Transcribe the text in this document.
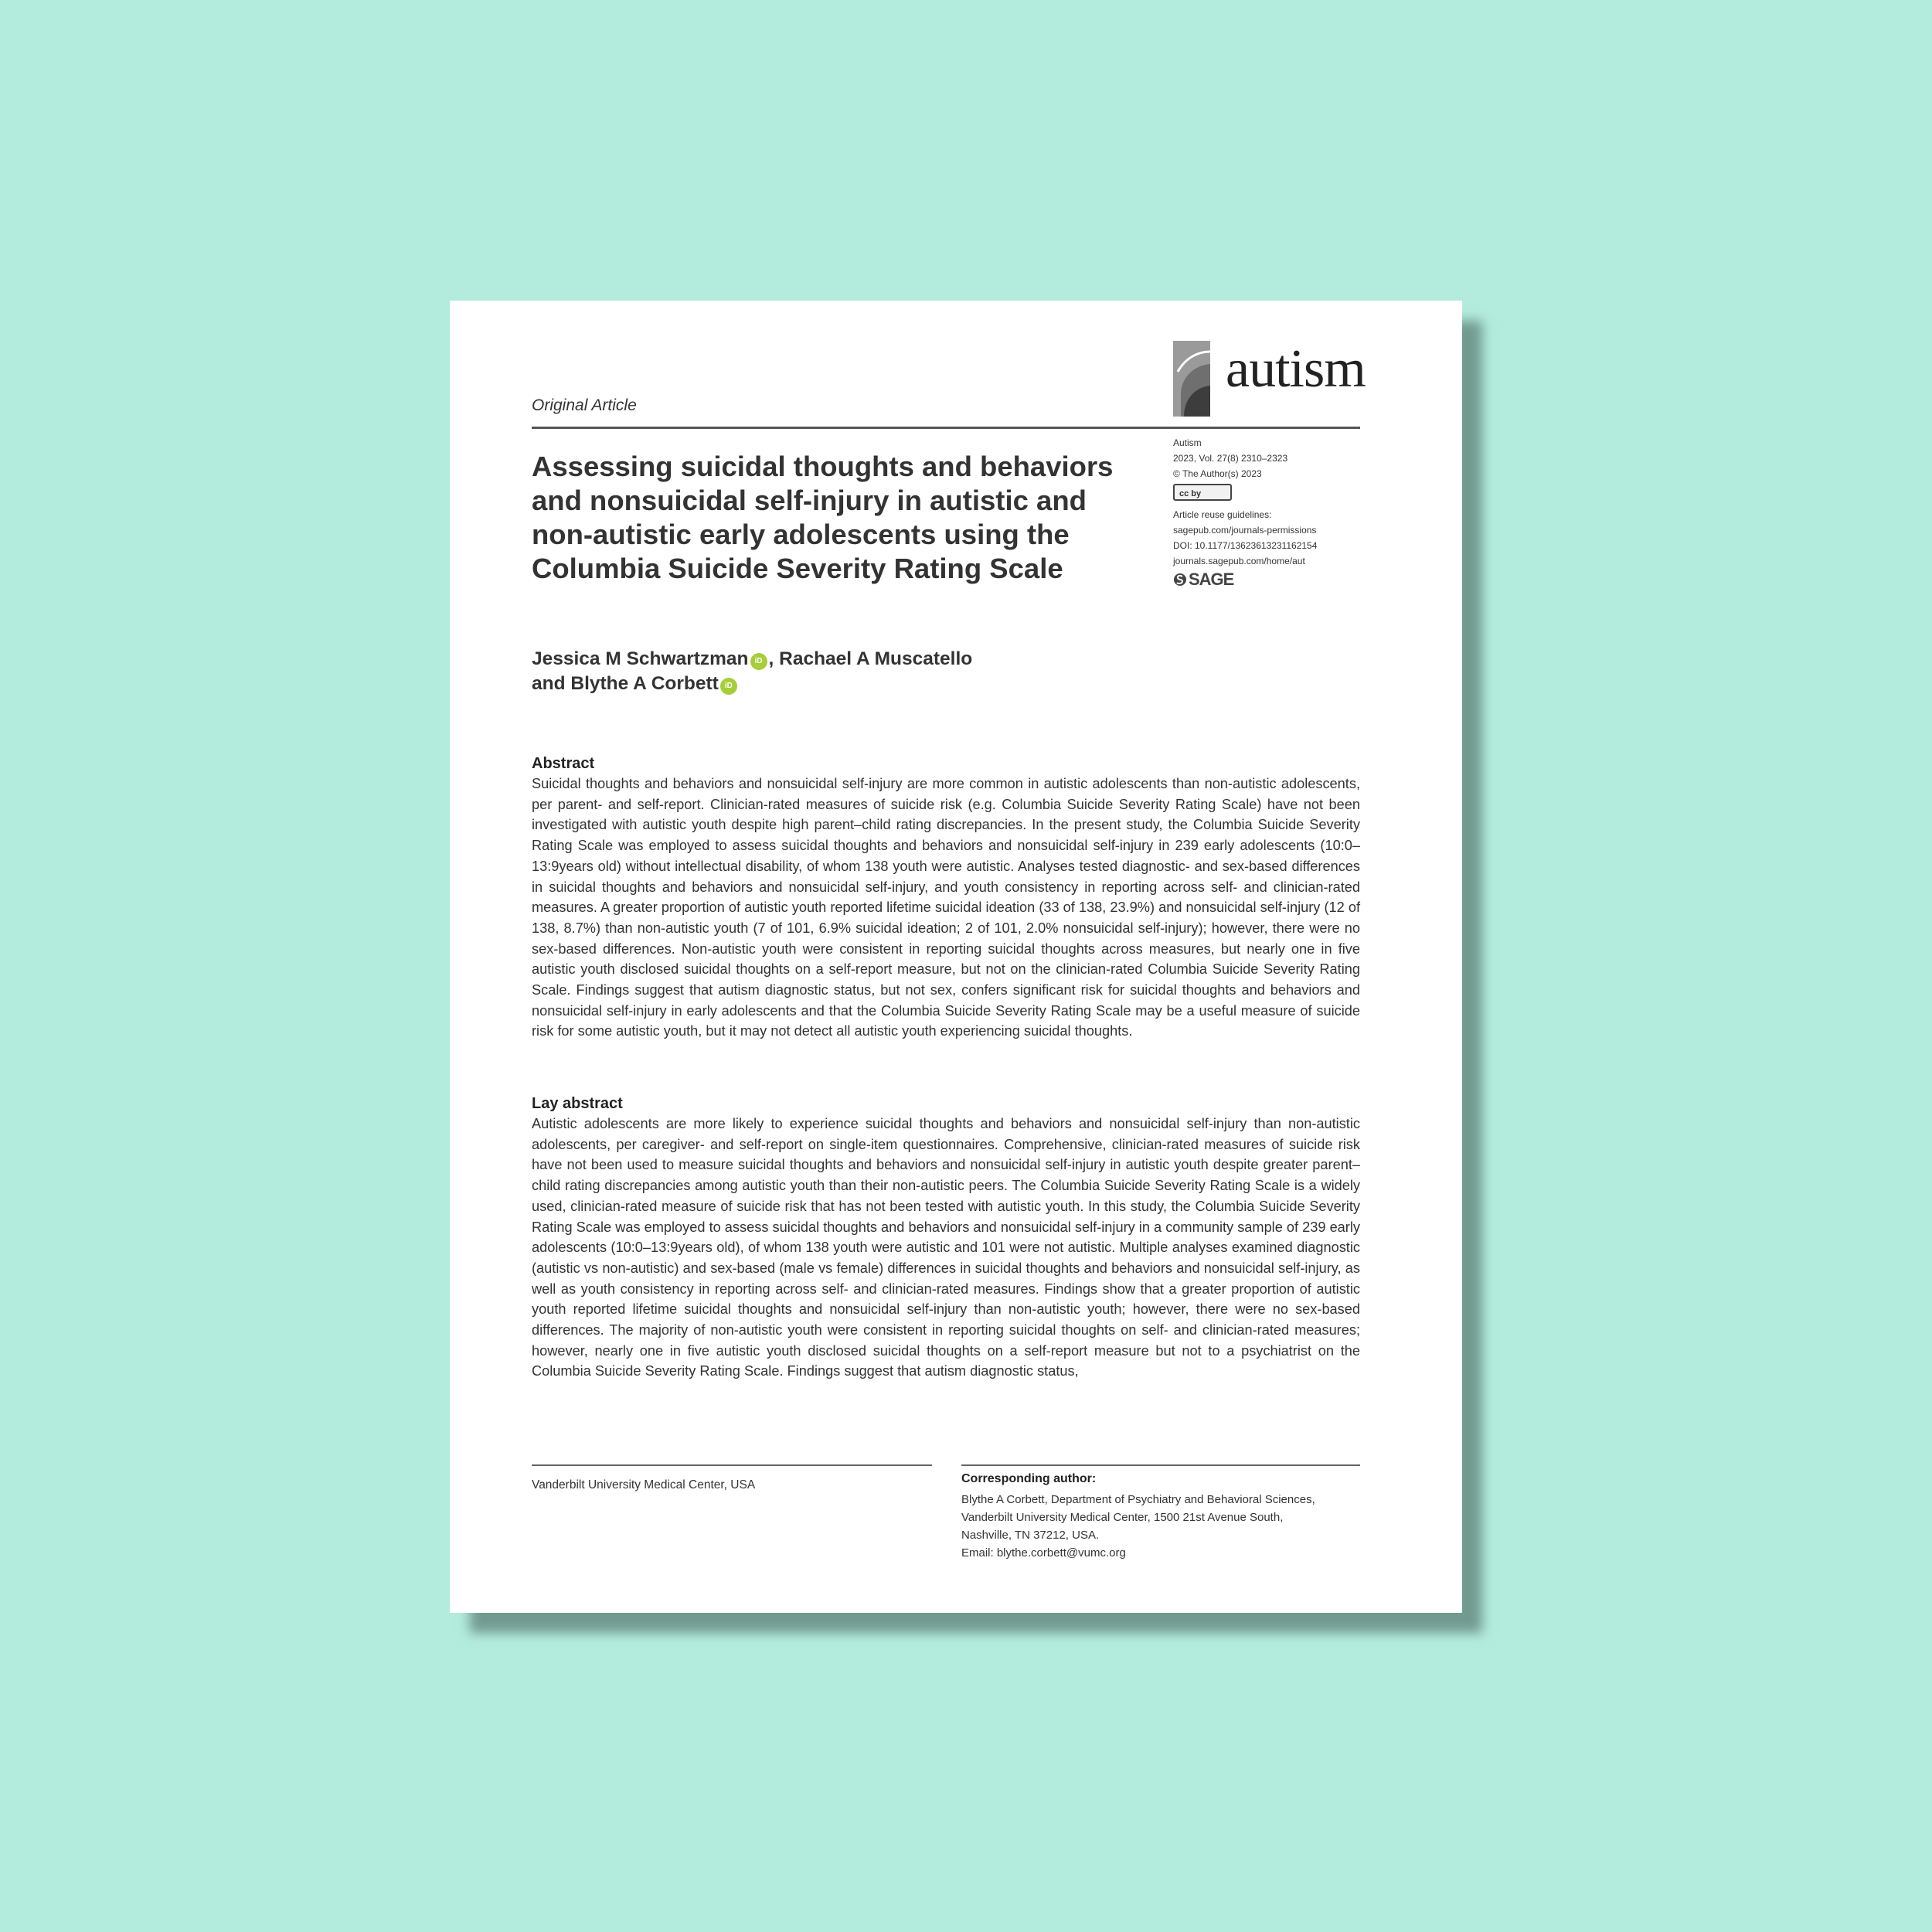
autism
Original Article
Autism
2023, Vol. 27(8) 2310–2323
© The Author(s) 2023
cc by
Article reuse guidelines:
sagepub.com/journals-permissions
DOI: 10.1177/13623613231162154
journals.sagepub.com/home/aut
SAGE
Assessing suicidal thoughts and behaviors and nonsuicidal self-injury in autistic and non-autistic early adolescents using the Columbia Suicide Severity Rating Scale
Jessica M Schwartzman iD , Rachael A Muscatello
and Blythe A Corbett iD
Abstract

Suicidal thoughts and behaviors and nonsuicidal self-injury are more common in autistic adolescents than non-autistic adolescents, per parent- and self-report. Clinician-rated measures of suicide risk (e.g. Columbia Suicide Severity Rating Scale) have not been investigated with autistic youth despite high parent–child rating discrepancies. In the present study, the Columbia Suicide Severity Rating Scale was employed to assess suicidal thoughts and behaviors and nonsuicidal self-injury in 239 early adolescents (10:0–13:9years old) without intellectual disability, of whom 138 youth were autistic. Analyses tested diagnostic- and sex-based differences in suicidal thoughts and behaviors and nonsuicidal self-injury, and youth consistency in reporting across self- and clinician-rated measures. A greater proportion of autistic youth reported lifetime suicidal ideation (33 of 138, 23.9%) and nonsuicidal self-injury (12 of 138, 8.7%) than non-autistic youth (7 of 101, 6.9% suicidal ideation; 2 of 101, 2.0% nonsuicidal self-injury); however, there were no sex-based differences. Non-autistic youth were consistent in reporting suicidal thoughts across measures, but nearly one in five autistic youth disclosed suicidal thoughts on a self-report measure, but not on the clinician-rated Columbia Suicide Severity Rating Scale. Findings suggest that autism diagnostic status, but not sex, confers significant risk for suicidal thoughts and behaviors and nonsuicidal self-injury in early adolescents and that the Columbia Suicide Severity Rating Scale may be a useful measure of suicide risk for some autistic youth, but it may not detect all autistic youth experiencing suicidal thoughts.

Lay abstract

Autistic adolescents are more likely to experience suicidal thoughts and behaviors and nonsuicidal self-injury than non-autistic adolescents, per caregiver- and self-report on single-item questionnaires. Comprehensive, clinician-rated measures of suicide risk have not been used to measure suicidal thoughts and behaviors and nonsuicidal self-injury in autistic youth despite greater parent–child rating discrepancies among autistic youth than their non-autistic peers. The Columbia Suicide Severity Rating Scale is a widely used, clinician-rated measure of suicide risk that has not been tested with autistic youth. In this study, the Columbia Suicide Severity Rating Scale was employed to assess suicidal thoughts and behaviors and nonsuicidal self-injury in a community sample of 239 early adolescents (10:0–13:9years old), of whom 138 youth were autistic and 101 were not autistic. Multiple analyses examined diagnostic (autistic vs non-autistic) and sex-based (male vs female) differences in suicidal thoughts and behaviors and nonsuicidal self-injury, as well as youth consistency in reporting across self- and clinician-rated measures. Findings show that a greater proportion of autistic youth reported lifetime suicidal thoughts and nonsuicidal self-injury than non-autistic youth; however, there were no sex-based differences. The majority of non-autistic youth were consistent in reporting suicidal thoughts on self- and clinician-rated measures; however, nearly one in five autistic youth disclosed suicidal thoughts on a self-report measure but not to a psychiatrist on the Columbia Suicide Severity Rating Scale. Findings suggest that autism diagnostic status,

Vanderbilt University Medical Center, USA	Corresponding author:
Blythe A Corbett, Department of Psychiatry and Behavioral Sciences,
Vanderbilt University Medical Center, 1500 21st Avenue South,
Nashville, TN 37212, USA.
Email: blythe.corbett@vumc.org
